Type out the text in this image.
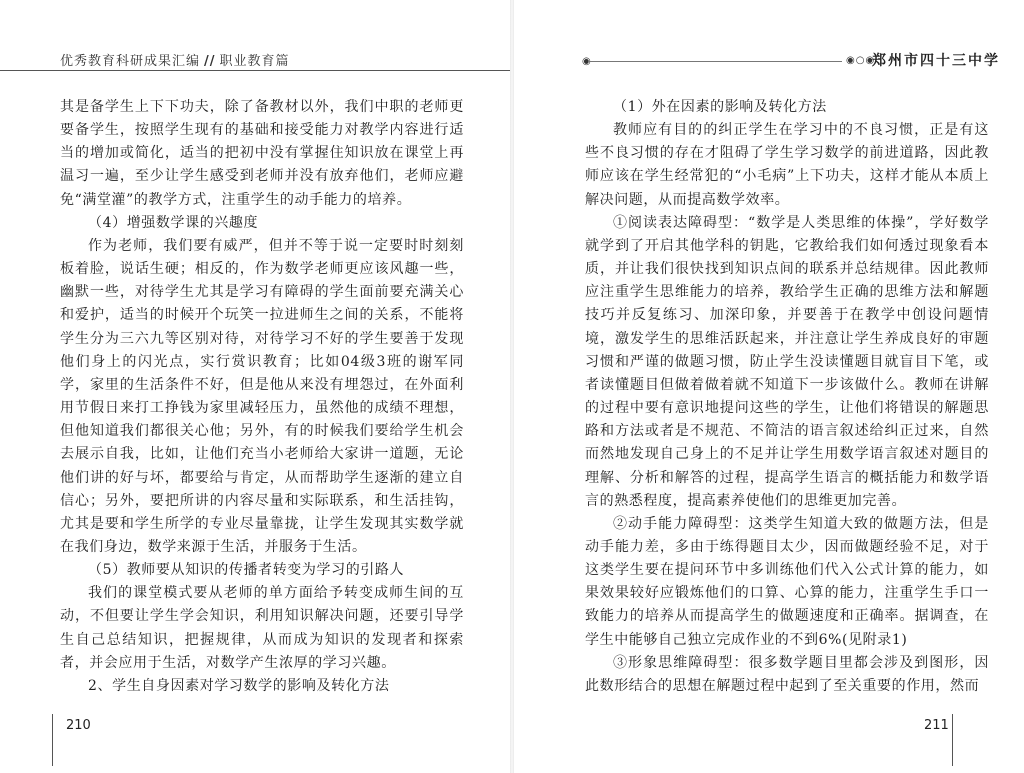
优秀教育科研成果汇编 // 职业教育篇

其是备学生上下下功夫，除了备教材以外，我们中职的老师更要备学生，按照学生现有的基础和接受能力对教学内容进行适当的增加或简化，适当的把初中没有掌握住知识放在课堂上再温习一遍，至少让学生感受到老师并没有放弃他们，老师应避免“满堂灌”的教学方式，注重学生的动手能力的培养。

（4）增强数学课的兴趣度

作为老师，我们要有威严，但并不等于说一定要时时刻刻板着脸，说话生硬；相反的，作为数学老师更应该风趣一些，幽默一些，对待学生尤其是学习有障碍的学生面前要充满关心和爱护，适当的时候开个玩笑一拉进师生之间的关系，不能将学生分为三六九等区别对待，对待学习不好的学生要善于发现他们身上的闪光点，实行赏识教育；比如04级3班的谢军同学，家里的生活条件不好，但是他从来没有埋怨过，在外面利用节假日来打工挣钱为家里减轻压力，虽然他的成绩不理想，但他知道我们都很关心他；另外，有的时候我们要给学生机会去展示自我，比如，让他们充当小老师给大家讲一道题，无论他们讲的好与坏，都要给与肯定，从而帮助学生逐渐的建立自信心；另外，要把所讲的内容尽量和实际联系，和生活挂钩，尤其是要和学生所学的专业尽量靠拢，让学生发现其实数学就在我们身边，数学来源于生活，并服务于生活。

（5）教师要从知识的传播者转变为学习的引路人

我们的课堂模式要从老师的单方面给予转变成师生间的互动，不但要让学生学会知识，利用知识解决问题，还要引导学生自己总结知识，把握规律，从而成为知识的发现者和探索者，并会应用于生活，对数学产生浓厚的学习兴趣。

2、学生自身因素对学习数学的影响及转化方法

210
◉	◉○◉
郑州市四十三中学

（1）外在因素的影响及转化方法

教师应有目的的纠正学生在学习中的不良习惯，正是有这些不良习惯的存在才阻碍了学生学习数学的前进道路，因此教师应该在学生经常犯的“小毛病”上下功夫，这样才能从本质上解决问题，从而提高数学效率。

①阅读表达障碍型：“数学是人类思维的体操”，学好数学就学到了开启其他学科的钥匙，它教给我们如何透过现象看本质，并让我们很快找到知识点间的联系并总结规律。因此教师应注重学生思维能力的培养，教给学生正确的思维方法和解题技巧并反复练习、加深印象，并要善于在教学中创设问题情境，激发学生的思维活跃起来，并注意让学生养成良好的审题习惯和严谨的做题习惯，防止学生没读懂题目就盲目下笔，或者读懂题目但做着做着就不知道下一步该做什么。教师在讲解的过程中要有意识地提问这些的学生，让他们将错误的解题思路和方法或者是不规范、不简洁的语言叙述给纠正过来，自然而然地发现自己身上的不足并让学生用数学语言叙述对题目的理解、分析和解答的过程，提高学生语言的概括能力和数学语言的熟悉程度，提高素养使他们的思维更加完善。

②动手能力障碍型：这类学生知道大致的做题方法，但是动手能力差，多由于练得题目太少，因而做题经验不足，对于这类学生要在提问环节中多训练他们代入公式计算的能力，如果效果较好应锻炼他们的口算、心算的能力，注重学生手口一致能力的培养从而提高学生的做题速度和正确率。据调查，在学生中能够自己独立完成作业的不到6%(见附录1)

③形象思维障碍型：很多数学题目里都会涉及到图形，因此数形结合的思想在解题过程中起到了至关重要的作用，然而

211
